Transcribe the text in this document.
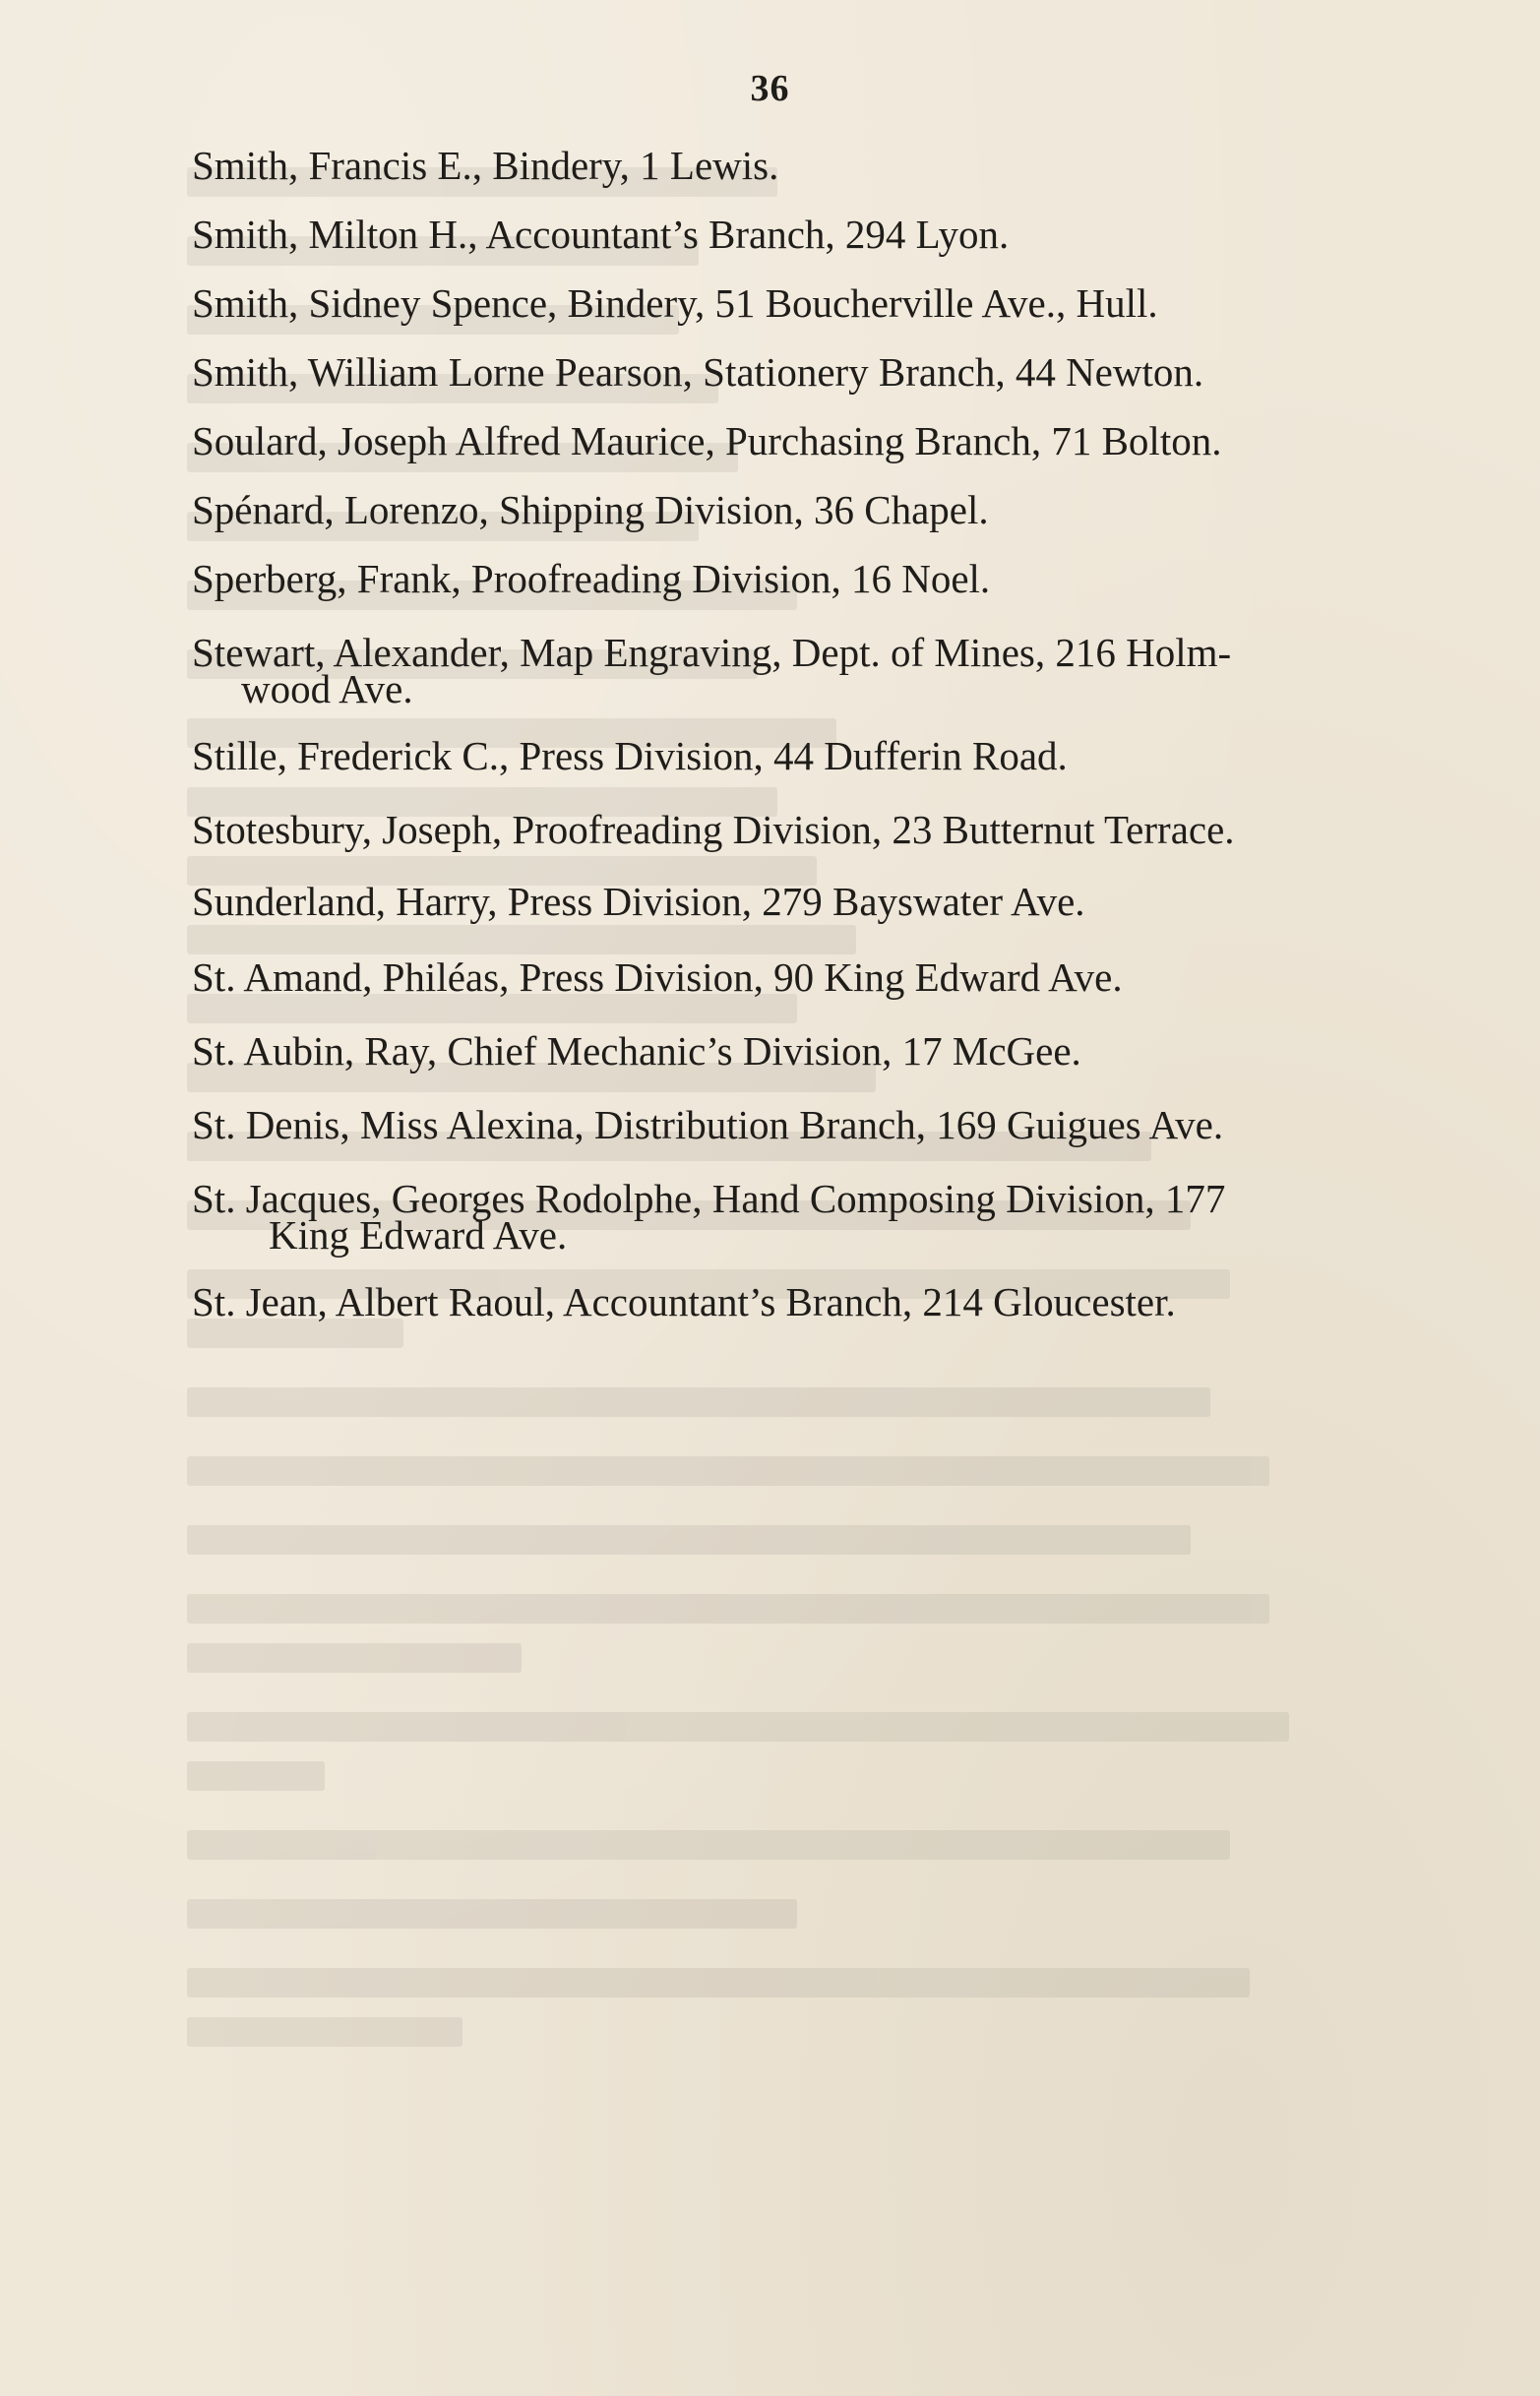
36
Smith, Francis E., Bindery, 1 Lewis.
Smith, Milton H., Accountant’s Branch, 294 Lyon.
Smith, Sidney Spence, Bindery, 51 Boucherville Ave., Hull.
Smith, William Lorne Pearson, Stationery Branch, 44 Newton.
Soulard, Joseph Alfred Maurice, Purchasing Branch, 71 Bolton.
Spénard, Lorenzo, Shipping Division, 36 Chapel.
Sperberg, Frank, Proofreading Division, 16 Noel.
Stewart, Alexander, Map Engraving, Dept. of Mines, 216 Holm-
wood Ave.
Stille, Frederick C., Press Division, 44 Dufferin Road.
Stotesbury, Joseph, Proofreading Division, 23 Butternut Terrace.
Sunderland, Harry, Press Division, 279 Bayswater Ave.
St. Amand, Philéas, Press Division, 90 King Edward Ave.
St. Aubin, Ray, Chief Mechanic’s Division, 17 McGee.
St. Denis, Miss Alexina, Distribution Branch, 169 Guigues Ave.
St. Jacques, Georges Rodolphe, Hand Composing Division, 177
King Edward Ave.
St. Jean, Albert Raoul, Accountant’s Branch, 214 Gloucester.
